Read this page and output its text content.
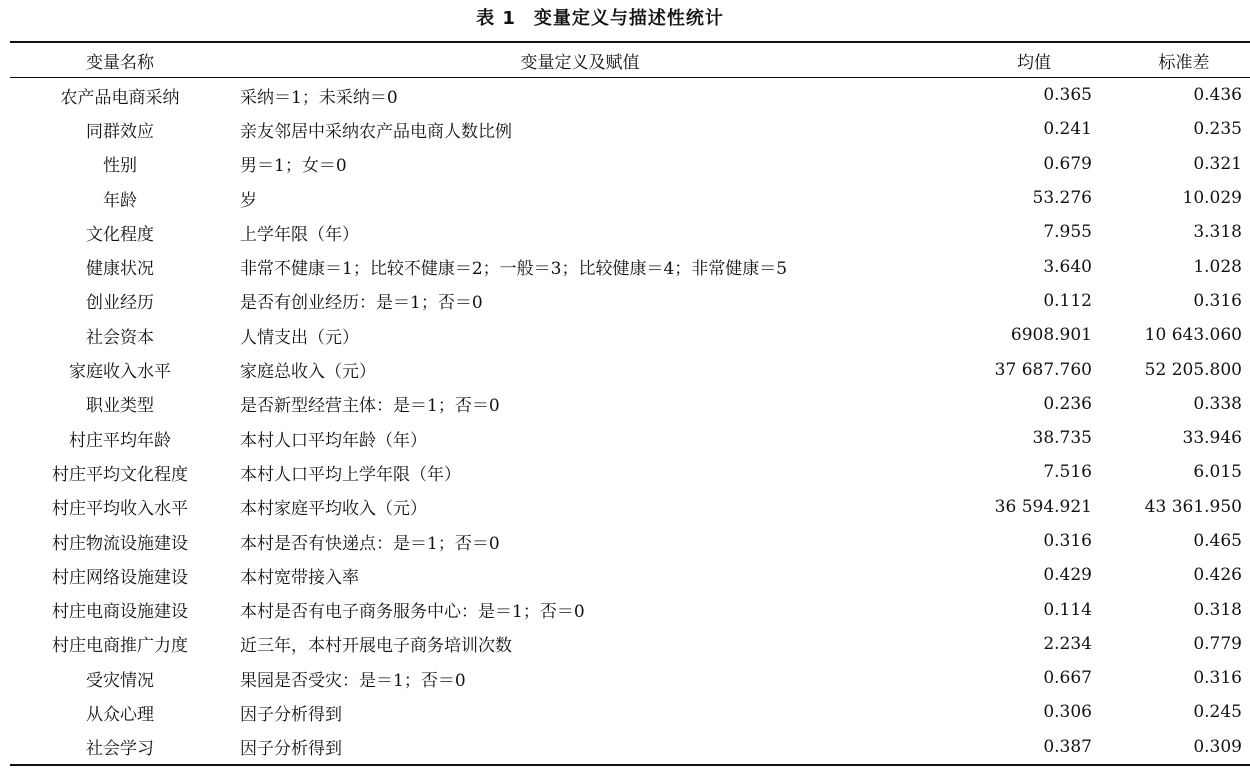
表 1 变量定义与描述性统计
变量名称	变量定义及赋值	均值	标准差
农产品电商采纳	采纳＝1；未采纳＝0	0.365	0.436
同群效应	亲友邻居中采纳农产品电商人数比例	0.241	0.235
性别	男＝1；女＝0	0.679	0.321
年龄	岁	53.276	10.029
文化程度	上学年限（年）	7.955	3.318
健康状况	非常不健康＝1；比较不健康＝2；一般＝3；比较健康＝4；非常健康＝5	3.640	1.028
创业经历	是否有创业经历：是＝1；否＝0	0.112	0.316
社会资本	人情支出（元）	6908.901	10 643.060
家庭收入水平	家庭总收入（元）	37 687.760	52 205.800
职业类型	是否新型经营主体：是＝1；否＝0	0.236	0.338
村庄平均年龄	本村人口平均年龄（年）	38.735	33.946
村庄平均文化程度	本村人口平均上学年限（年）	7.516	6.015
村庄平均收入水平	本村家庭平均收入（元）	36 594.921	43 361.950
村庄物流设施建设	本村是否有快递点：是＝1；否＝0	0.316	0.465
村庄网络设施建设	本村宽带接入率	0.429	0.426
村庄电商设施建设	本村是否有电子商务服务中心：是＝1；否＝0	0.114	0.318
村庄电商推广力度	近三年，本村开展电子商务培训次数	2.234	0.779
受灾情况	果园是否受灾：是＝1；否＝0	0.667	0.316
从众心理	因子分析得到	0.306	0.245
社会学习	因子分析得到	0.387	0.309
